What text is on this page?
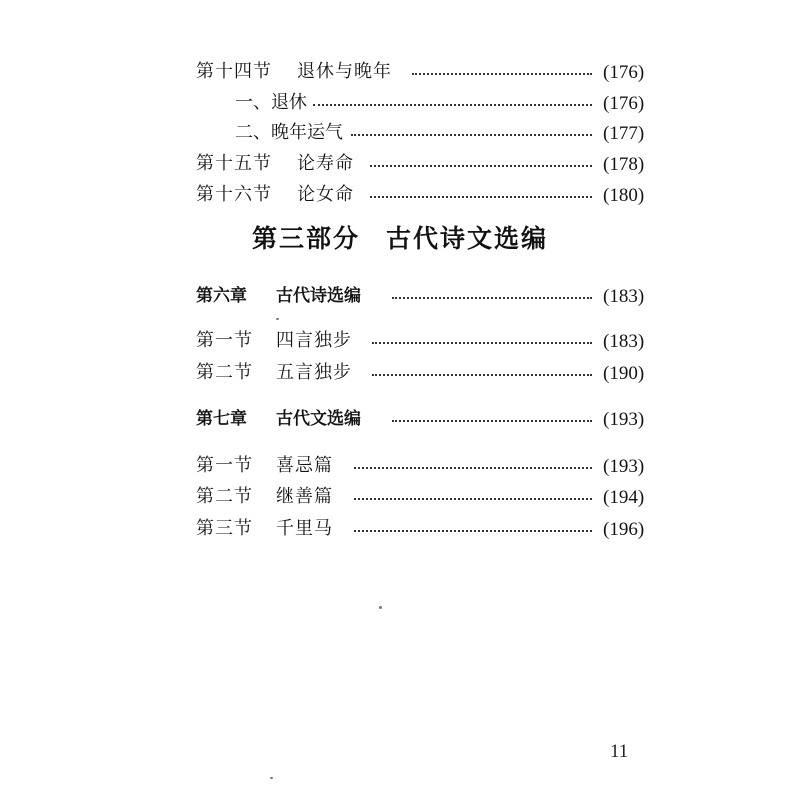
第十四节 退休与晚年	(176)
一、退休	(176)
二、晚年运气	(177)
第十五节 论寿命	(178)
第十六节 论女命	(180)
第三部分 古代诗文选编
第六章 古代诗选编	(183)
第一节 四言独步	(183)
第二节 五言独步	(190)
第七章 古代文选编	(193)
第一节 喜忌篇	(193)
第二节 继善篇	(194)
第三节 千里马	(196)
11
